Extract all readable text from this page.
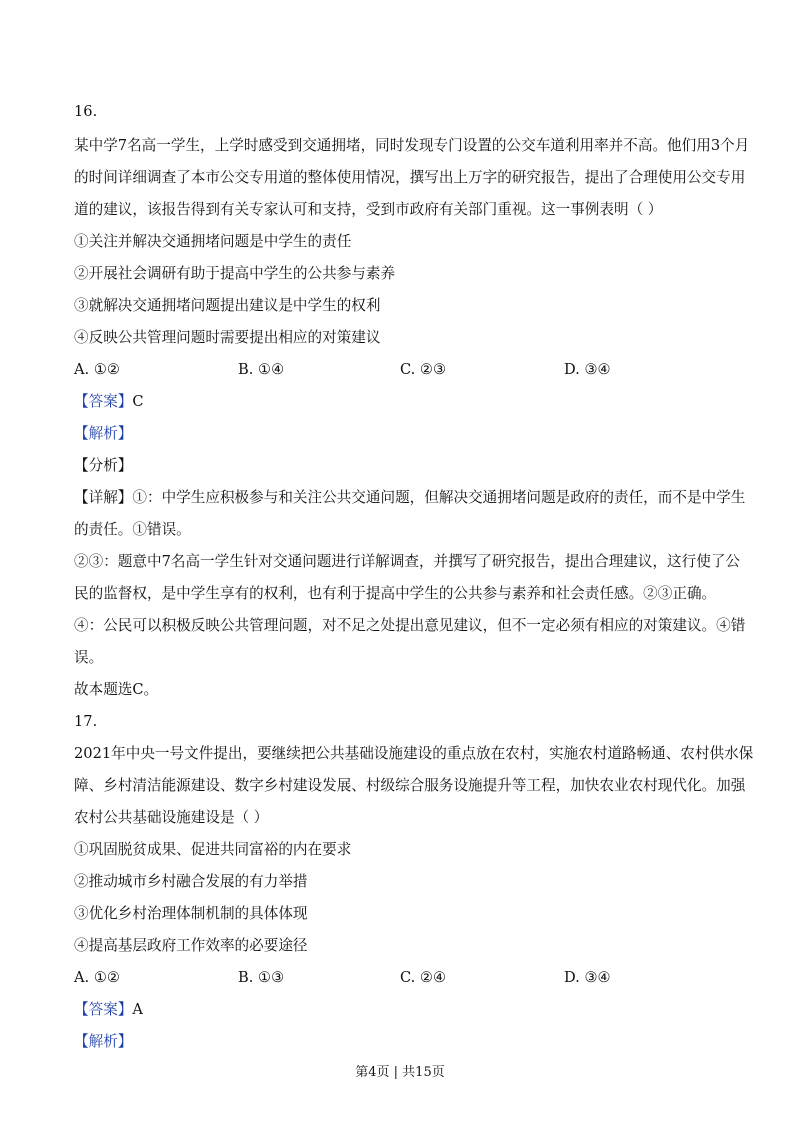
16.
某中学7名高一学生，上学时感受到交通拥堵，同时发现专门设置的公交车道利用率并不高。他们用3个月
的时间详细调查了本市公交专用道的整体使用情况，撰写出上万字的研究报告，提出了合理使用公交专用
道的建议，该报告得到有关专家认可和支持，受到市政府有关部门重视。这一事例表明（ ）
①关注并解决交通拥堵问题是中学生的责任
②开展社会调研有助于提高中学生的公共参与素养
③就解决交通拥堵问题提出建议是中学生的权利
④反映公共管理问题时需要提出相应的对策建议
A. ①②	B. ①④	C. ②③	D. ③④
【答案】C
【解析】
【分析】
【详解】①：中学生应积极参与和关注公共交通问题，但解决交通拥堵问题是政府的责任，而不是中学生
的责任。①错误。
②③：题意中7名高一学生针对交通问题进行详解调查，并撰写了研究报告，提出合理建议，这行使了公
民的监督权，是中学生享有的权利，也有利于提高中学生的公共参与素养和社会责任感。②③正确。
④：公民可以积极反映公共管理问题，对不足之处提出意见建议，但不一定必须有相应的对策建议。④错
误。
故本题选C。
17.
2021年中央一号文件提出，要继续把公共基础设施建设的重点放在农村，实施农村道路畅通、农村供水保
障、乡村清洁能源建设、数字乡村建设发展、村级综合服务设施提升等工程，加快农业农村现代化。加强
农村公共基础设施建设是（ ）
①巩固脱贫成果、促进共同富裕的内在要求
②推动城市乡村融合发展的有力举措
③优化乡村治理体制机制的具体体现
④提高基层政府工作效率的必要途径
A. ①②	B. ①③	C. ②④	D. ③④
【答案】A
【解析】
第4页 | 共15页
